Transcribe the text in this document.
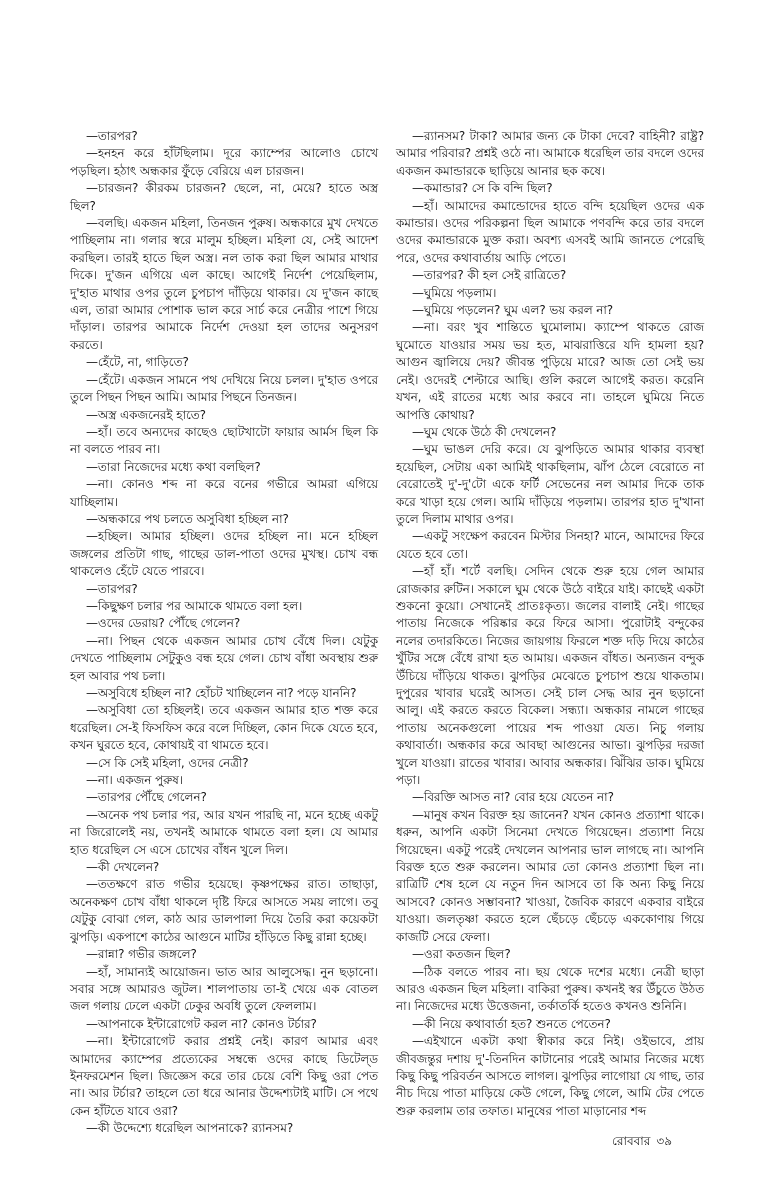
—তারপর?

—হনহন করে হাঁটছিলাম। দূরে ক্যাম্পের আলোও চোখে পড়ছিল। হঠাৎ অন্ধকার ফুঁড়ে বেরিয়ে এল চারজন।

—চারজন? কীরকম চারজন? ছেলে, না, মেয়ে? হাতে অস্ত্র ছিল?

—বলছি। একজন মহিলা, তিনজন পুরুষ। অন্ধকারে মুখ দেখতে পাচ্ছিলাম না। গলার স্বরে মালুম হচ্ছিল। মহিলা যে, সেই আদেশ করছিল। তারই হাতে ছিল অস্ত্র। নল তাক করা ছিল আমার মাথার দিকে। দু'জন এগিয়ে এল কাছে। আগেই নির্দেশ পেয়েছিলাম, দু'হাত মাথার ওপর তুলে চুপচাপ দাঁড়িয়ে থাকার। যে দু'জন কাছে এল, তারা আমার পোশাক ভাল করে সার্চ করে নেত্রীর পাশে গিয়ে দাঁড়াল। তারপর আমাকে নির্দেশ দেওয়া হল তাদের অনুসরণ করতে।

—হেঁটে, না, গাড়িতে?

—হেঁটে। একজন সামনে পথ দেখিয়ে নিয়ে চলল। দু'হাত ওপরে তুলে পিছন পিছন আমি। আমার পিছনে তিনজন।

—অস্ত্র একজনেরই হাতে?

—হাঁ। তবে অন্যদের কাছেও ছোটখাটো ফায়ার আর্মস ছিল কি না বলতে পারব না।

—তারা নিজেদের মধ্যে কথা বলছিল?

—না। কোনও শব্দ না করে বনের গভীরে আমরা এগিয়ে যাচ্ছিলাম।

—অন্ধকারে পথ চলতে অসুবিধা হচ্ছিল না?

—হচ্ছিল। আমার হচ্ছিল। ওদের হচ্ছিল না। মনে হচ্ছিল জঙ্গলের প্রতিটা গাছ, গাছের ডাল-পাতা ওদের মুখস্থ। চোখ বন্ধ থাকলেও হেঁটে যেতে পারবে।

—তারপর?

—কিছুক্ষণ চলার পর আমাকে থামতে বলা হল।

—ওদের ডেরায়? পৌঁছে গেলেন?

—না। পিছন থেকে একজন আমার চোখ বেঁধে দিল। যেটুকু দেখতে পাচ্ছিলাম সেটুকুও বন্ধ হয়ে গেল। চোখ বাঁধা অবস্থায় শুরু হল আবার পথ চলা।

—অসুবিধে হচ্ছিল না? হোঁচট খাচ্ছিলেন না? পড়ে যাননি?

—অসুবিধা তো হচ্ছিলই। তবে একজন আমার হাত শক্ত করে ধরেছিল। সে-ই ফিসফিস করে বলে দিচ্ছিল, কোন দিকে যেতে হবে, কখন ঘুরতে হবে, কোথায়ই বা থামতে হবে।

—সে কি সেই মহিলা, ওদের নেত্রী?

—না। একজন পুরুষ।

—তারপর পৌঁছে গেলেন?

—অনেক পথ চলার পর, আর যখন পারছি না, মনে হচ্ছে একটু না জিরোলেই নয়, তখনই আমাকে থামতে বলা হল। যে আমার হাত ধরেছিল সে এসে চোখের বাঁধন খুলে দিল।

—কী দেখলেন?

—ততক্ষণে রাত গভীর হয়েছে। কৃষ্ণপক্ষের রাত। তাছাড়া, অনেকক্ষণ চোখ বাঁধা থাকলে দৃষ্টি ফিরে আসতে সময় লাগে। তবু যেটুকু বোঝা গেল, কাঠ আর ডালপালা দিয়ে তৈরি করা কয়েকটা ঝুপড়ি। একপাশে কাঠের আগুনে মাটির হাঁড়িতে কিছু রান্না হচ্ছে।

—রান্না? গভীর জঙ্গলে?

—হাঁ, সামান্যই আয়োজন। ভাত আর আলুসেদ্ধ। নুন ছড়ানো। সবার সঙ্গে আমারও জুটল। শালপাতায় তা-ই খেয়ে এক বোতল জল গলায় ঢেলে একটা ঢেকুর অবধি তুলে ফেললাম।

—আপনাকে ইন্টারোগেট করল না? কোনও টর্চার?

—না। ইন্টারোগেট করার প্রশ্নই নেই। কারণ আমার এবং আমাদের ক্যাম্পের প্রত্যেকের সম্বন্ধে ওদের কাছে ডিটেল্‌ড ইনফরমেশন ছিল। জিজ্ঞেস করে তার চেয়ে বেশি কিছু ওরা পেত না। আর টর্চার? তাহলে তো ধরে আনার উদ্দেশ্যটাই মাটি। সে পথে কেন হাঁটতে যাবে ওরা?

—কী উদ্দেশ্যে ধরেছিল আপনাকে? র‍্যানসম?

—র‍্যানসম? টাকা? আমার জন্য কে টাকা দেবে? বাহিনী? রাষ্ট্র? আমার পরিবার? প্রশ্নই ওঠে না। আমাকে ধরেছিল তার বদলে ওদের একজন কমান্ডারকে ছাড়িয়ে আনার ছক কষে।

—কমান্ডার? সে কি বন্দি ছিল?

—হাঁ। আমাদের কমান্ডোদের হাতে বন্দি হয়েছিল ওদের এক কমান্ডার। ওদের পরিকল্পনা ছিল আমাকে পণবন্দি করে তার বদলে ওদের কমান্ডারকে মুক্ত করা। অবশ্য এসবই আমি জানতে পেরেছি পরে, ওদের কথাবার্তায় আড়ি পেতে।

—তারপর? কী হল সেই রাত্রিতে?

—ঘুমিয়ে পড়লাম।

—ঘুমিয়ে পড়লেন? ঘুম এল? ভয় করল না?

—না। বরং খুব শান্তিতে ঘুমোলাম। ক্যাম্পে থাকতে রোজ ঘুমোতে যাওয়ার সময় ভয় হত, মাঝরাত্তিরে যদি হামলা হয়? আগুন জ্বালিয়ে দেয়? জীবন্ত পুড়িয়ে মারে? আজ তো সেই ভয় নেই। ওদেরই শেল্টারে আছি। গুলি করলে আগেই করত। করেনি যখন, এই রাতের মধ্যে আর করবে না। তাহলে ঘুমিয়ে নিতে আপত্তি কোথায়?

—ঘুম থেকে উঠে কী দেখলেন?

—ঘুম ভাঙল দেরি করে। যে ঝুপড়িতে আমার থাকার ব্যবস্থা হয়েছিল, সেটায় একা আমিই থাকছিলাম, ঝাঁপ ঠেলে বেরোতে না বেরোতেই দু'-দু'টো একে ফর্টি সেভেনের নল আমার দিকে তাক করে খাড়া হয়ে গেল। আমি দাঁড়িয়ে পড়লাম। তারপর হাত দু'খানা তুলে দিলাম মাথার ওপর।

—একটু সংক্ষেপ করবেন মিস্টার সিনহা? মানে, আমাদের ফিরে যেতে হবে তো।

—হাঁ হাঁ। শর্টে বলছি। সেদিন থেকে শুরু হয়ে গেল আমার রোজকার রুটিন। সকালে ঘুম থেকে উঠে বাইরে যাই। কাছেই একটা শুকনো কুয়ো। সেখানেই প্রাতঃকৃত্য। জলের বালাই নেই। গাছের পাতায় নিজেকে পরিষ্কার করে ফিরে আসা। পুরোটাই বন্দুকের নলের তদারকিতে। নিজের জায়গায় ফিরলে শক্ত দড়ি দিয়ে কাঠের খুঁটির সঙ্গে বেঁধে রাখা হত আমায়। একজন বাঁধত। অন্যজন বন্দুক উঁচিয়ে দাঁড়িয়ে থাকত। ঝুপড়ির মেঝেতে চুপচাপ শুয়ে থাকতাম। দুপুরের খাবার ঘরেই আসত। সেই চাল সেদ্ধ আর নুন ছড়ানো আলু। এই করতে করতে বিকেল। সন্ধ্যা। অন্ধকার নামলে গাছের পাতায় অনেকগুলো পায়ের শব্দ পাওয়া যেত। নিচু গলায় কথাবার্তা। অন্ধকার করে আবছা আগুনের আভা। ঝুপড়ির দরজা খুলে যাওয়া। রাতের খাবার। আবার অন্ধকার। ঝিঁঝির ডাক। ঘুমিয়ে পড়া।

—বিরক্তি আসত না? বোর হয়ে যেতেন না?

—মানুষ কখন বিরক্ত হয় জানেন? যখন কোনও প্রত্যাশা থাকে। ধরুন, আপনি একটা সিনেমা দেখতে গিয়েছেন। প্রত্যাশা নিয়ে গিয়েছেন। একটু পরেই দেখলেন আপনার ভাল লাগছে না। আপনি বিরক্ত হতে শুরু করলেন। আমার তো কোনও প্রত্যাশা ছিল না। রাত্রিটি শেষ হলে যে নতুন দিন আসবে তা কি অন্য কিছু নিয়ে আসবে? কোনও সম্ভাবনা? খাওয়া, জৈবিক কারণে একবার বাইরে যাওয়া। জলতৃষ্ণা করতে হলে ছেঁচড়ে ছেঁচড়ে এককোণায় গিয়ে কাজটি সেরে ফেলা।

—ওরা কতজন ছিল?

—ঠিক বলতে পারব না। ছয় থেকে দশের মধ্যে। নেত্রী ছাড়া আরও একজন ছিল মহিলা। বাকিরা পুরুষ। কখনই স্বর উঁচুতে উঠত না। নিজেদের মধ্যে উত্তেজনা, তর্কাতর্কি হতেও কখনও শুনিনি।

—কী নিয়ে কথাবার্তা হত? শুনতে পেতেন?

—এইখানে একটা কথা স্বীকার করে নিই। ওইভাবে, প্রায় জীবজন্তুর দশায় দু'-তিনদিন কাটানোর পরেই আমার নিজের মধ্যে কিছু কিছু পরিবর্তন আসতে লাগল। ঝুপড়ির লাগোয়া যে গাছ, তার নীচ দিয়ে পাতা মাড়িয়ে কেউ গেলে, কিছু গেলে, আমি টের পেতে শুরু করলাম তার তফাত। মানুষের পাতা মাড়ানোর শব্দ

রোববার ৩৯
